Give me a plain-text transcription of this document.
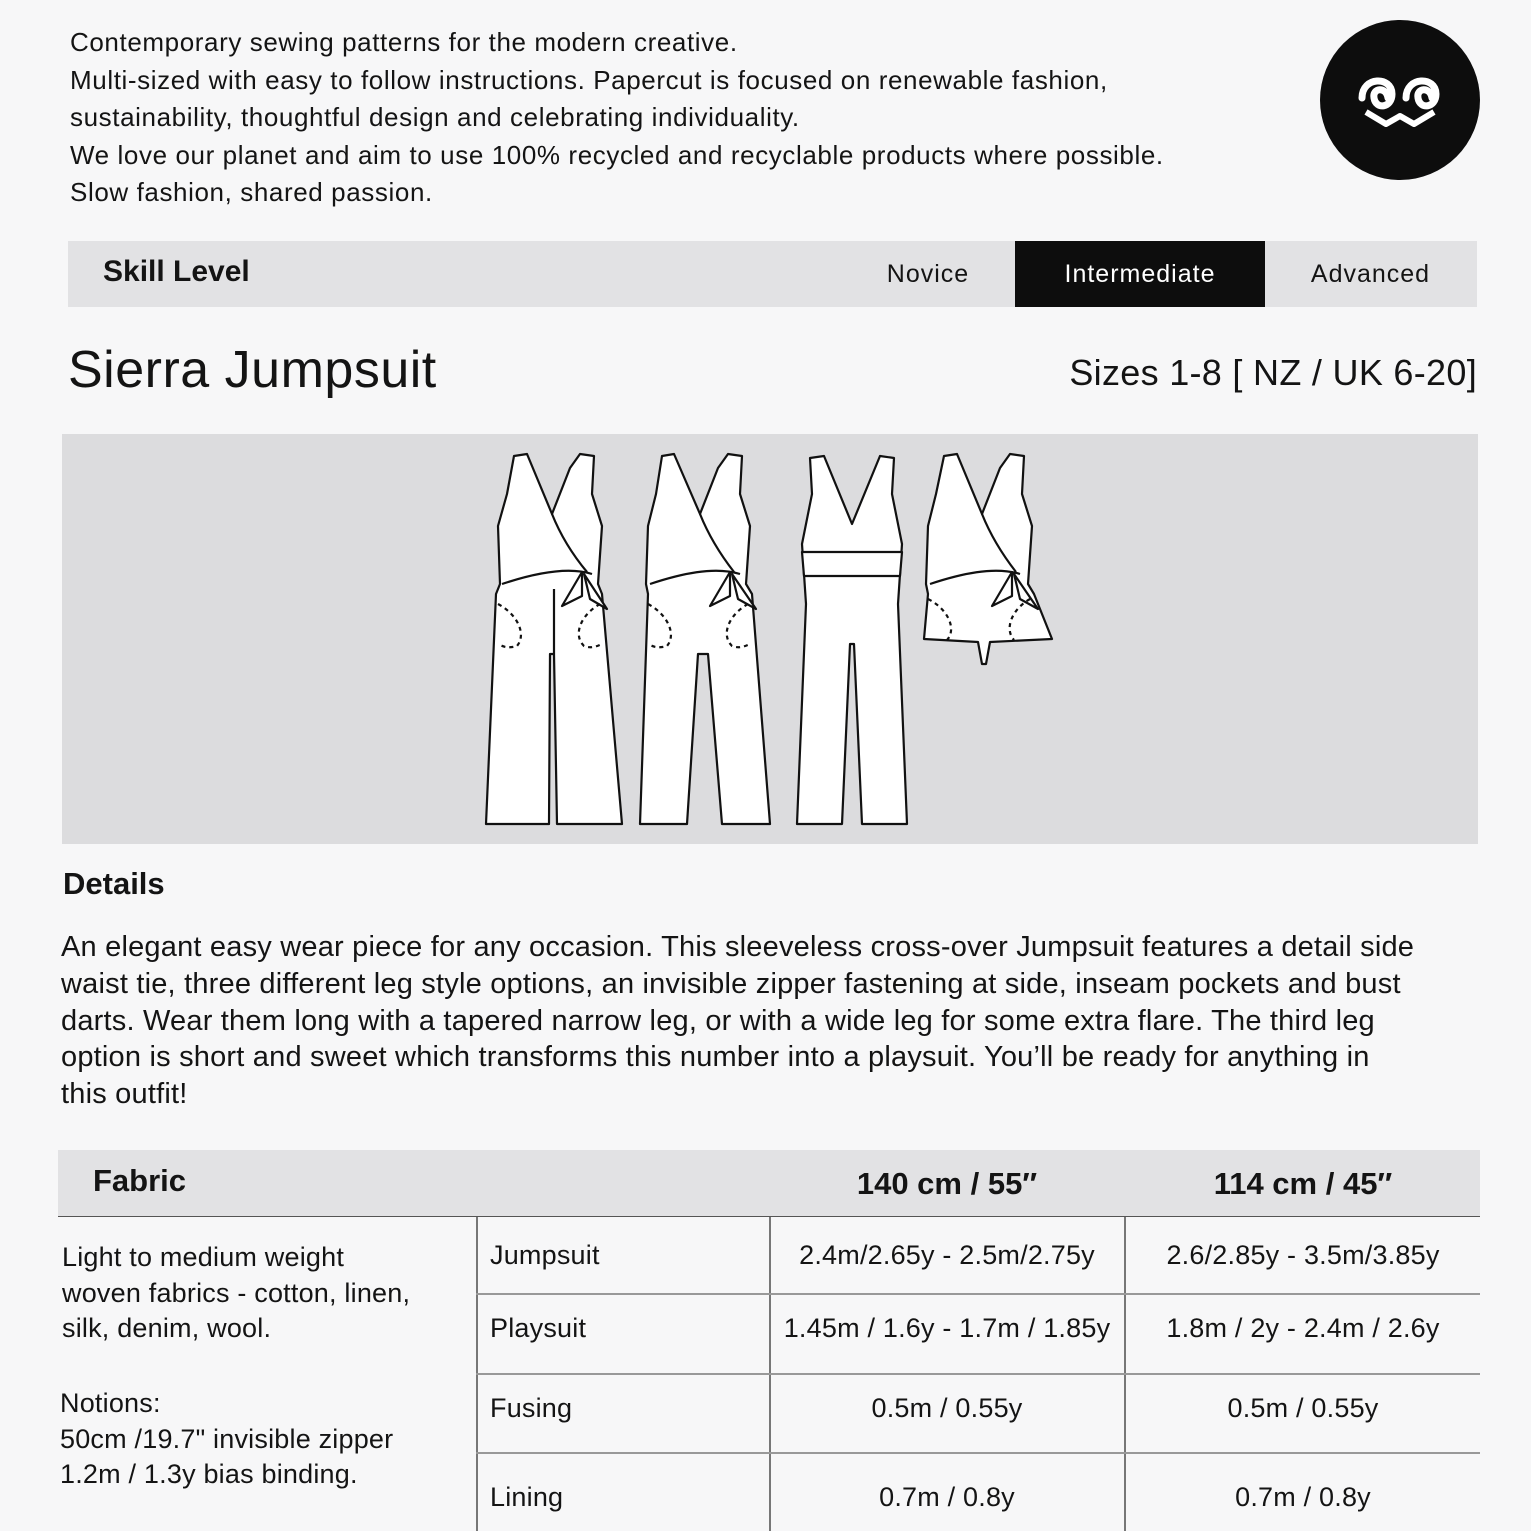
Contemporary sewing patterns for the modern creative.
Multi-sized with easy to follow instructions. Papercut is focused on renewable fashion,
sustainability, thoughtful design and celebrating individuality.
We love our planet and aim to use 100% recycled and recyclable products where possible.
Slow fashion, shared passion.
Skill Level	Novice	Intermediate	Advanced
Sierra Jumpsuit	Sizes 1-8 [ NZ / UK 6-20]
Details
An elegant easy wear piece for any occasion. This sleeveless cross-over Jumpsuit features a detail side
waist tie, three different leg style options, an invisible zipper fastening at side, inseam pockets and bust
darts. Wear them long with a tapered narrow leg, or with a wide leg for some extra flare. The third leg
option is short and sweet which transforms this number into a playsuit. You’ll be ready for anything in
this outfit!
Fabric	140 cm / 55″	114 cm / 45″
Light to medium weight
woven fabrics - cotton, linen,
silk, denim, wool.
Notions:
50cm /19.7" invisible zipper
1.2m / 1.3y bias binding.
Jumpsuit	2.4m/2.65y - 2.5m/2.75y	2.6/2.85y - 3.5m/3.85y
Playsuit	1.45m / 1.6y - 1.7m / 1.85y	1.8m / 2y - 2.4m / 2.6y
Fusing	0.5m / 0.55y	0.5m / 0.55y
Lining	0.7m / 0.8y	0.7m / 0.8y
